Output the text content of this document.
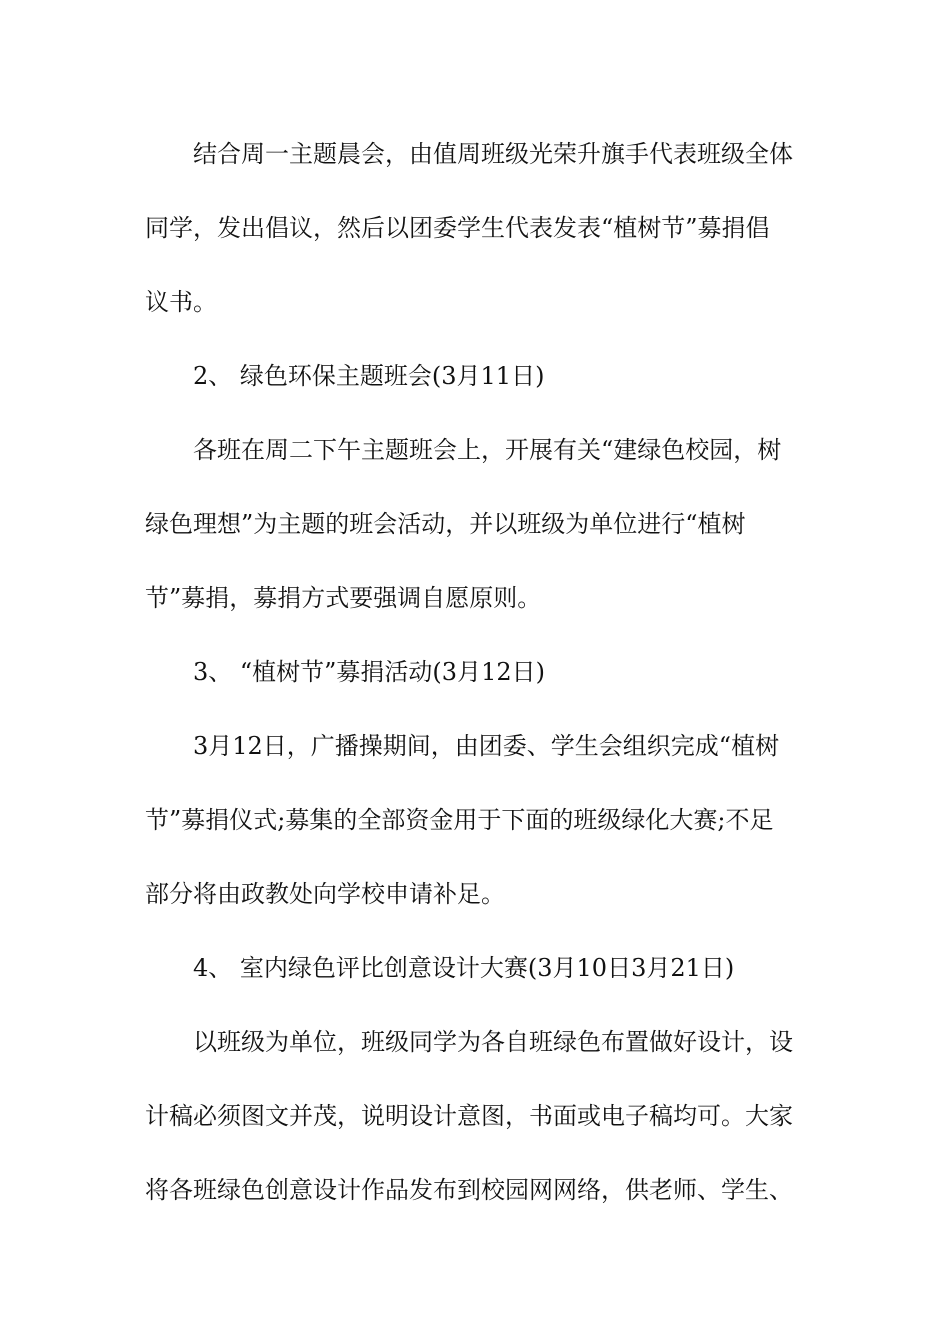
结合周一主题晨会，由值周班级光荣升旗手代表班级全体
同学，发出倡议，然后以团委学生代表发表“植树节”募捐倡
议书。
2、 绿色环保主题班会(3月11日)
各班在周二下午主题班会上，开展有关“建绿色校园，树
绿色理想”为主题的班会活动，并以班级为单位进行“植树
节”募捐，募捐方式要强调自愿原则。
3、 “植树节”募捐活动(3月12日)
3月12日，广播操期间，由团委、学生会组织完成“植树
节”募捐仪式;募集的全部资金用于下面的班级绿化大赛;不足
部分将由政教处向学校申请补足。
4、 室内绿色评比创意设计大赛(3月10日3月21日)
以班级为单位，班级同学为各自班绿色布置做好设计，设
计稿必须图文并茂，说明设计意图，书面或电子稿均可。大家
将各班绿色创意设计作品发布到校园网网络，供老师、学生、
